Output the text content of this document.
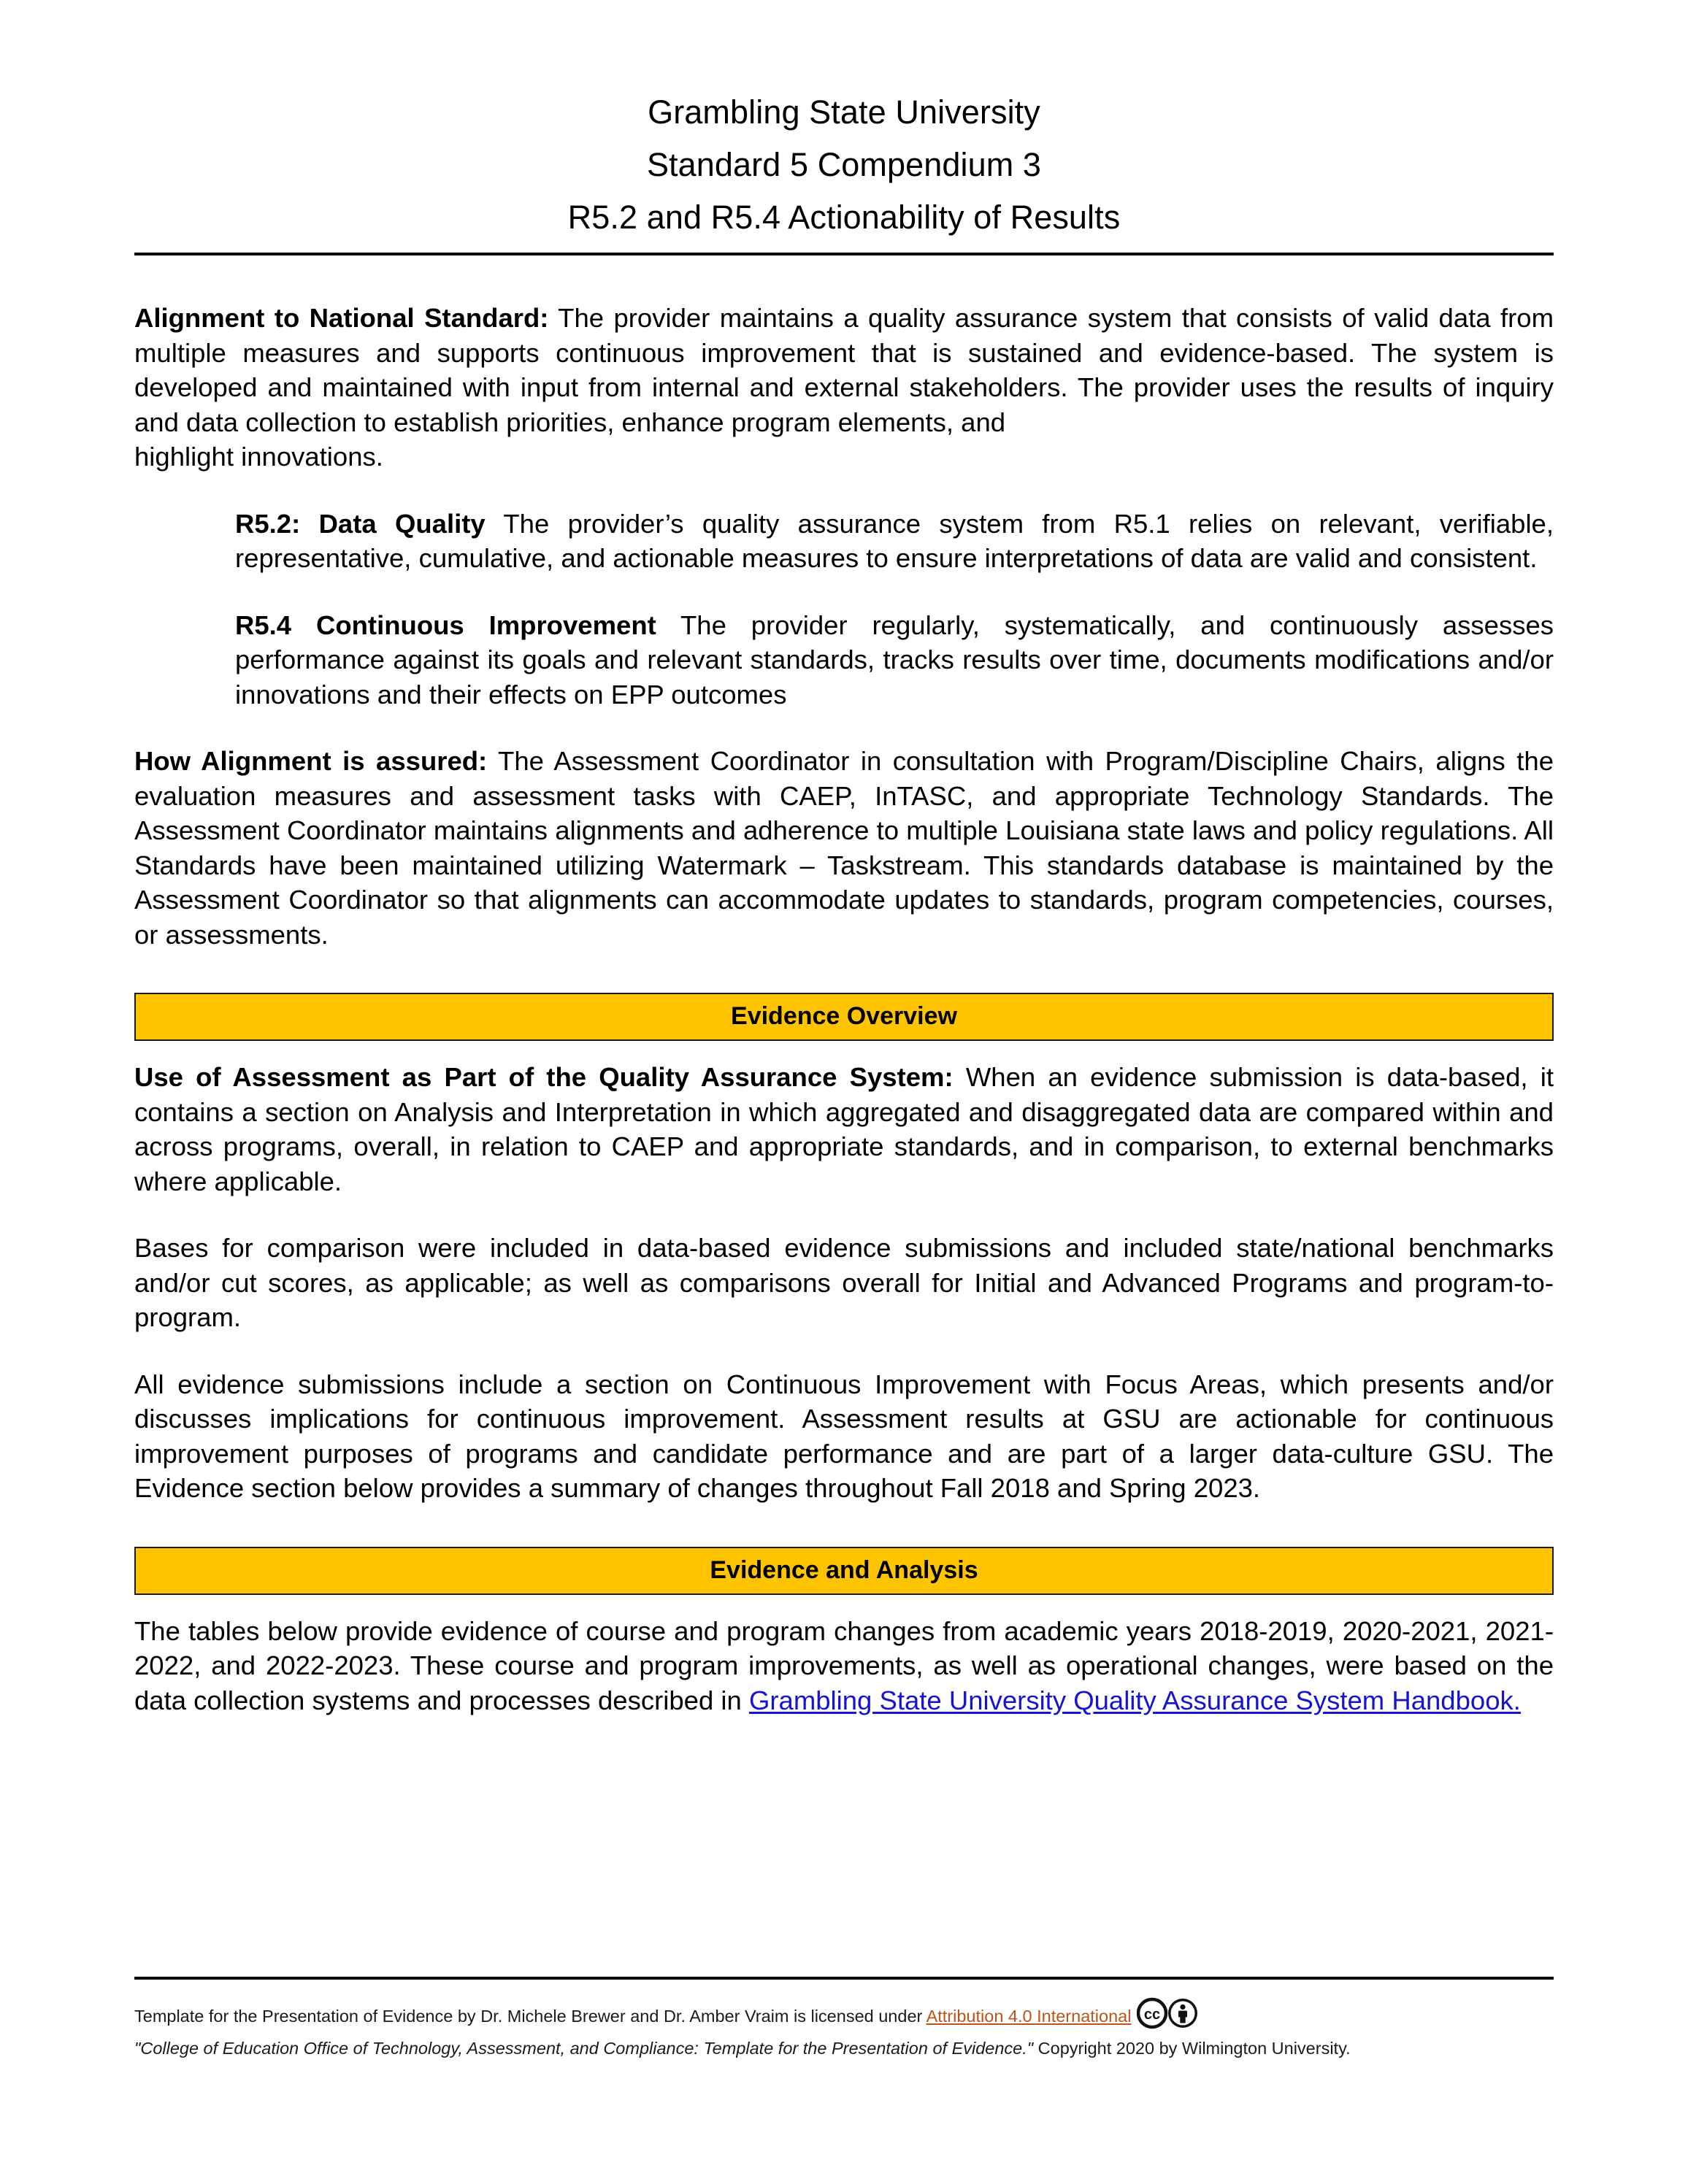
Grambling State University
Standard 5 Compendium 3
R5.2 and R5.4 Actionability of Results

Alignment to National Standard: The provider maintains a quality assurance system that consists of valid data from multiple measures and supports continuous improvement that is sustained and evidence-based. The system is developed and maintained with input from internal and external stakeholders. The provider uses the results of inquiry and data collection to establish priorities, enhance program elements, and

highlight innovations.

R5.2: Data Quality The provider’s quality assurance system from R5.1 relies on relevant, verifiable, representative, cumulative, and actionable measures to ensure interpretations of data are valid and consistent.

R5.4 Continuous Improvement The provider regularly, systematically, and continuously assesses performance against its goals and relevant standards, tracks results over time, documents modifications and/or innovations and their effects on EPP outcomes

How Alignment is assured: The Assessment Coordinator in consultation with Program/Discipline Chairs, aligns the evaluation measures and assessment tasks with CAEP, InTASC, and appropriate Technology Standards. The Assessment Coordinator maintains alignments and adherence to multiple Louisiana state laws and policy regulations. All Standards have been maintained utilizing Watermark – Taskstream. This standards database is maintained by the Assessment Coordinator so that alignments can accommodate updates to standards, program competencies, courses, or assessments.

Evidence Overview

Use of Assessment as Part of the Quality Assurance System: When an evidence submission is data-based, it contains a section on Analysis and Interpretation in which aggregated and disaggregated data are compared within and across programs, overall, in relation to CAEP and appropriate standards, and in comparison, to external benchmarks where applicable.

Bases for comparison were included in data-based evidence submissions and included state/national benchmarks and/or cut scores, as applicable; as well as comparisons overall for Initial and Advanced Programs and program-to-program.

All evidence submissions include a section on Continuous Improvement with Focus Areas, which presents and/or discusses implications for continuous improvement. Assessment results at GSU are actionable for continuous improvement purposes of programs and candidate performance and are part of a larger data-culture GSU. The Evidence section below provides a summary of changes throughout Fall 2018 and Spring 2023.

Evidence and Analysis

The tables below provide evidence of course and program changes from academic years 2018-2019, 2020-2021, 2021-2022, and 2022-2023. These course and program improvements, as well as operational changes, were based on the data collection systems and processes described in Grambling State University Quality Assurance System Handbook.

Template for the Presentation of Evidence by Dr. Michele Brewer and Dr. Amber Vraim is licensed under Attribution 4.0 International cc
"College of Education Office of Technology, Assessment, and Compliance: Template for the Presentation of Evidence." Copyright 2020 by Wilmington University.
